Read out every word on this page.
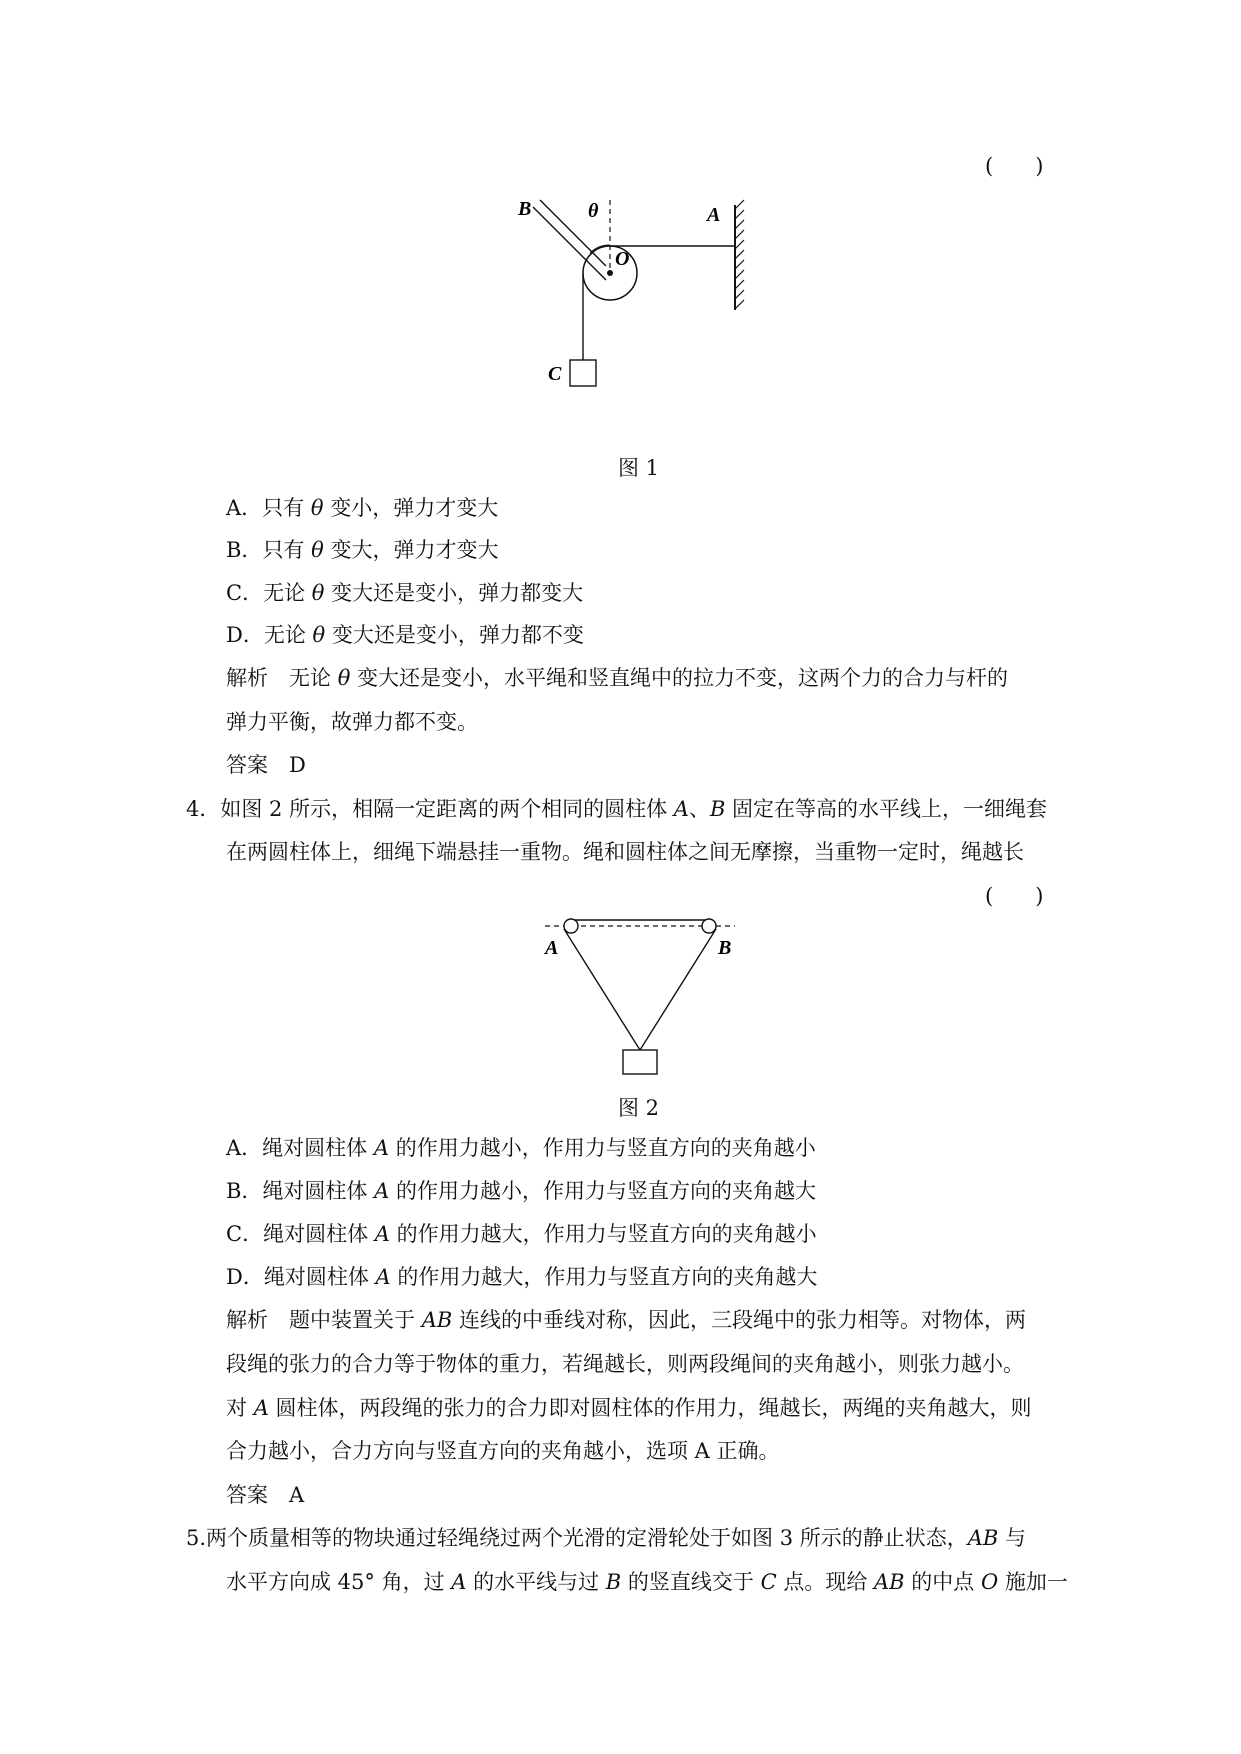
(　　)
B	θ	A
O
C
图 1
A．只有 θ 变小，弹力才变大
B．只有 θ 变大，弹力才变大
C．无论 θ 变大还是变小，弹力都变大
D．无论 θ 变大还是变小，弹力都不变
解析　 无论 θ 变大还是变小，水平绳和竖直绳中的拉力不变，这两个力的合力与杆的
弹力平衡，故弹力都不变。
答案　 D
4．如图 2 所示，相隔一定距离的两个相同的圆柱体 A、B 固定在等高的水平线上，一细绳套
在两圆柱体上，细绳下端悬挂一重物。绳和圆柱体之间无摩擦，当重物一定时，绳越长
(　　)
A	B
图 2
A．绳对圆柱体 A 的作用力越小，作用力与竖直方向的夹角越小
B．绳对圆柱体 A 的作用力越小，作用力与竖直方向的夹角越大
C．绳对圆柱体 A 的作用力越大，作用力与竖直方向的夹角越小
D．绳对圆柱体 A 的作用力越大，作用力与竖直方向的夹角越大
解析　 题中装置关于 AB 连线的中垂线对称，因此，三段绳中的张力相等。对物体，两
段绳的张力的合力等于物体的重力，若绳越长，则两段绳间的夹角越小，则张力越小。
对 A 圆柱体，两段绳的张力的合力即对圆柱体的作用力，绳越长，两绳的夹角越大，则
合力越小，合力方向与竖直方向的夹角越小，选项 A 正确。
答案　 A
5.两个质量相等的物块通过轻绳绕过两个光滑的定滑轮处于如图 3 所示的静止状态，AB 与
水平方向成 45° 角，过 A 的水平线与过 B 的竖直线交于 C 点。现给 AB 的中点 O 施加一
